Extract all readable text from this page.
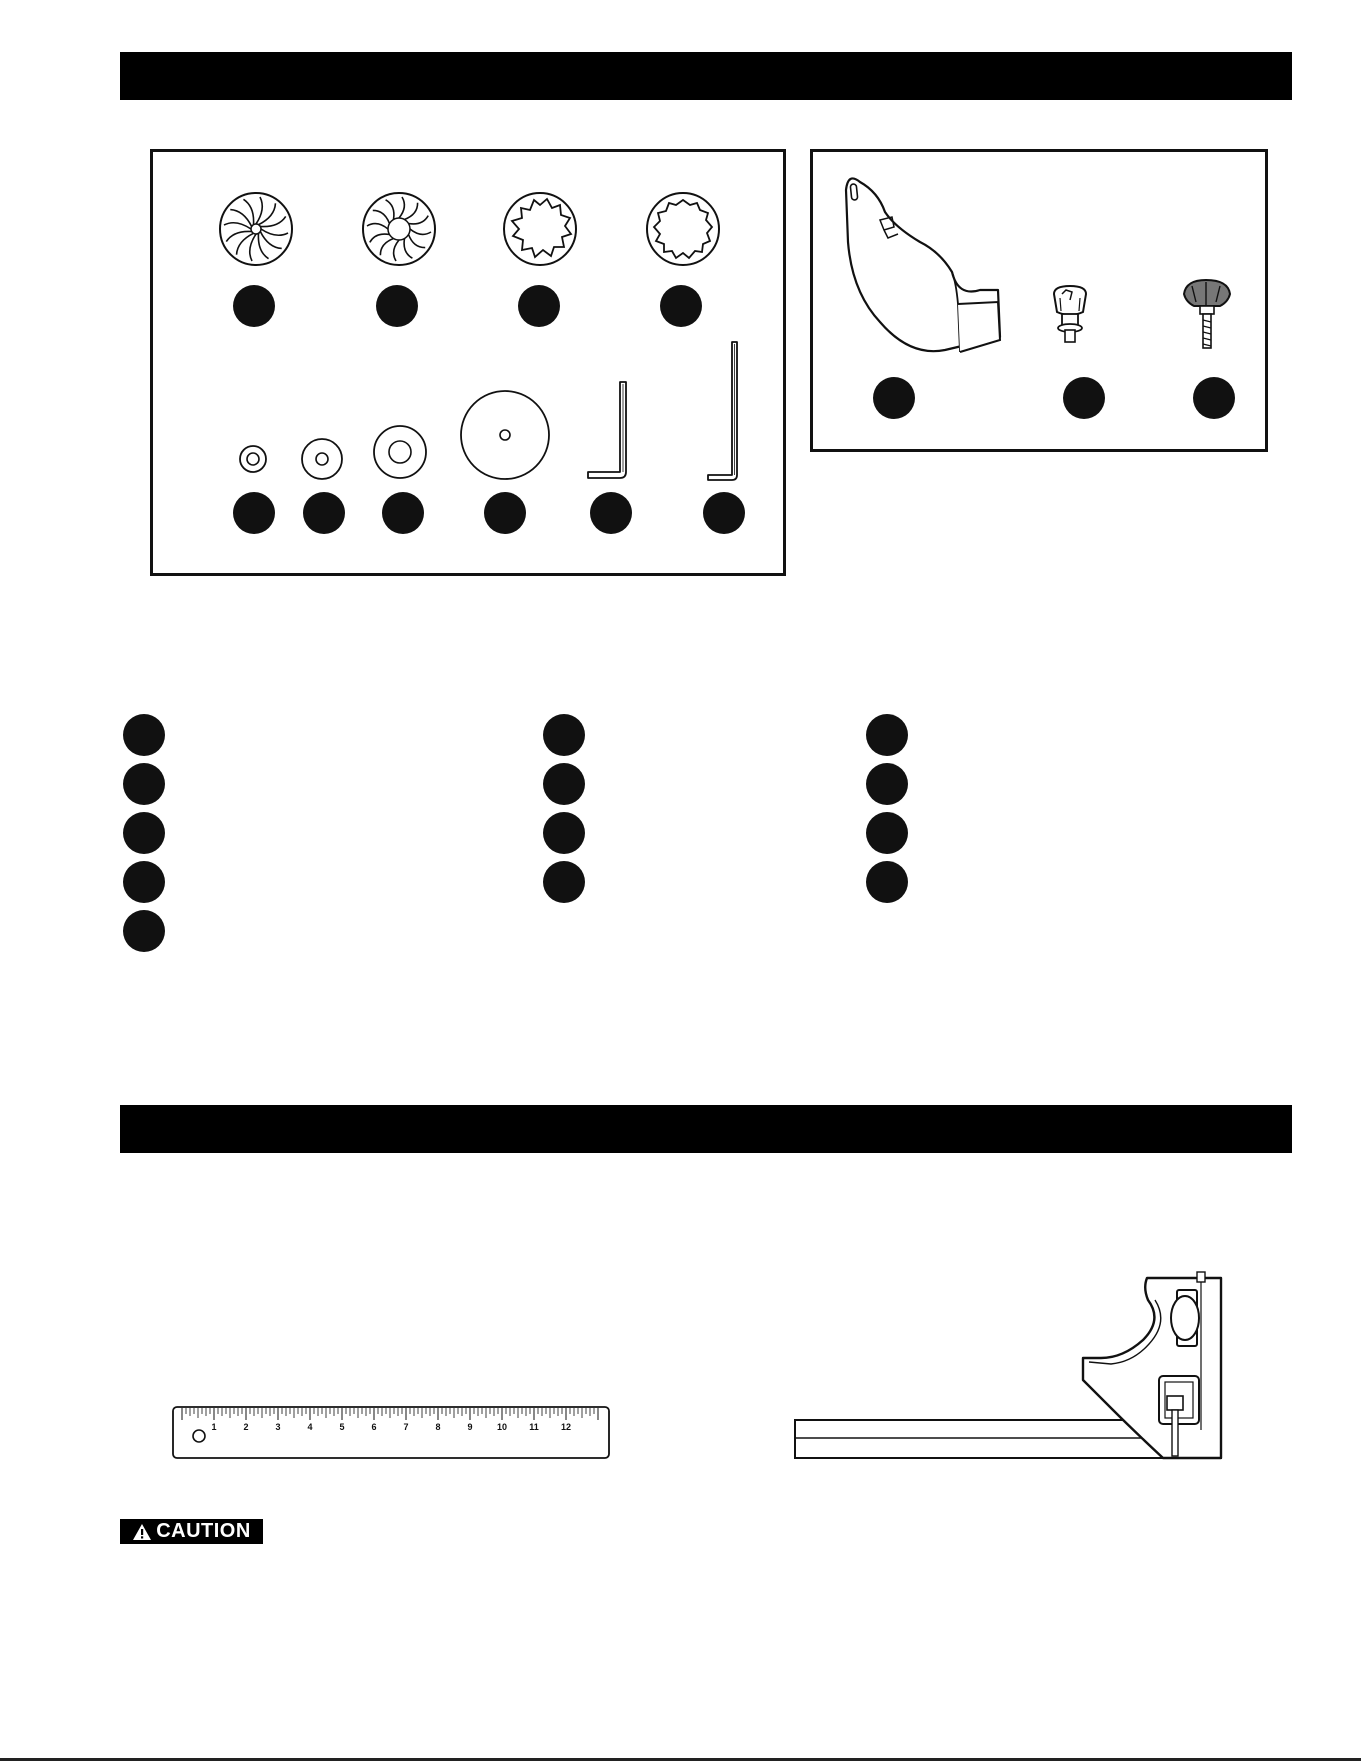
1	2	3	4	5	6	7	8	9	10 11 12
CAUTION
